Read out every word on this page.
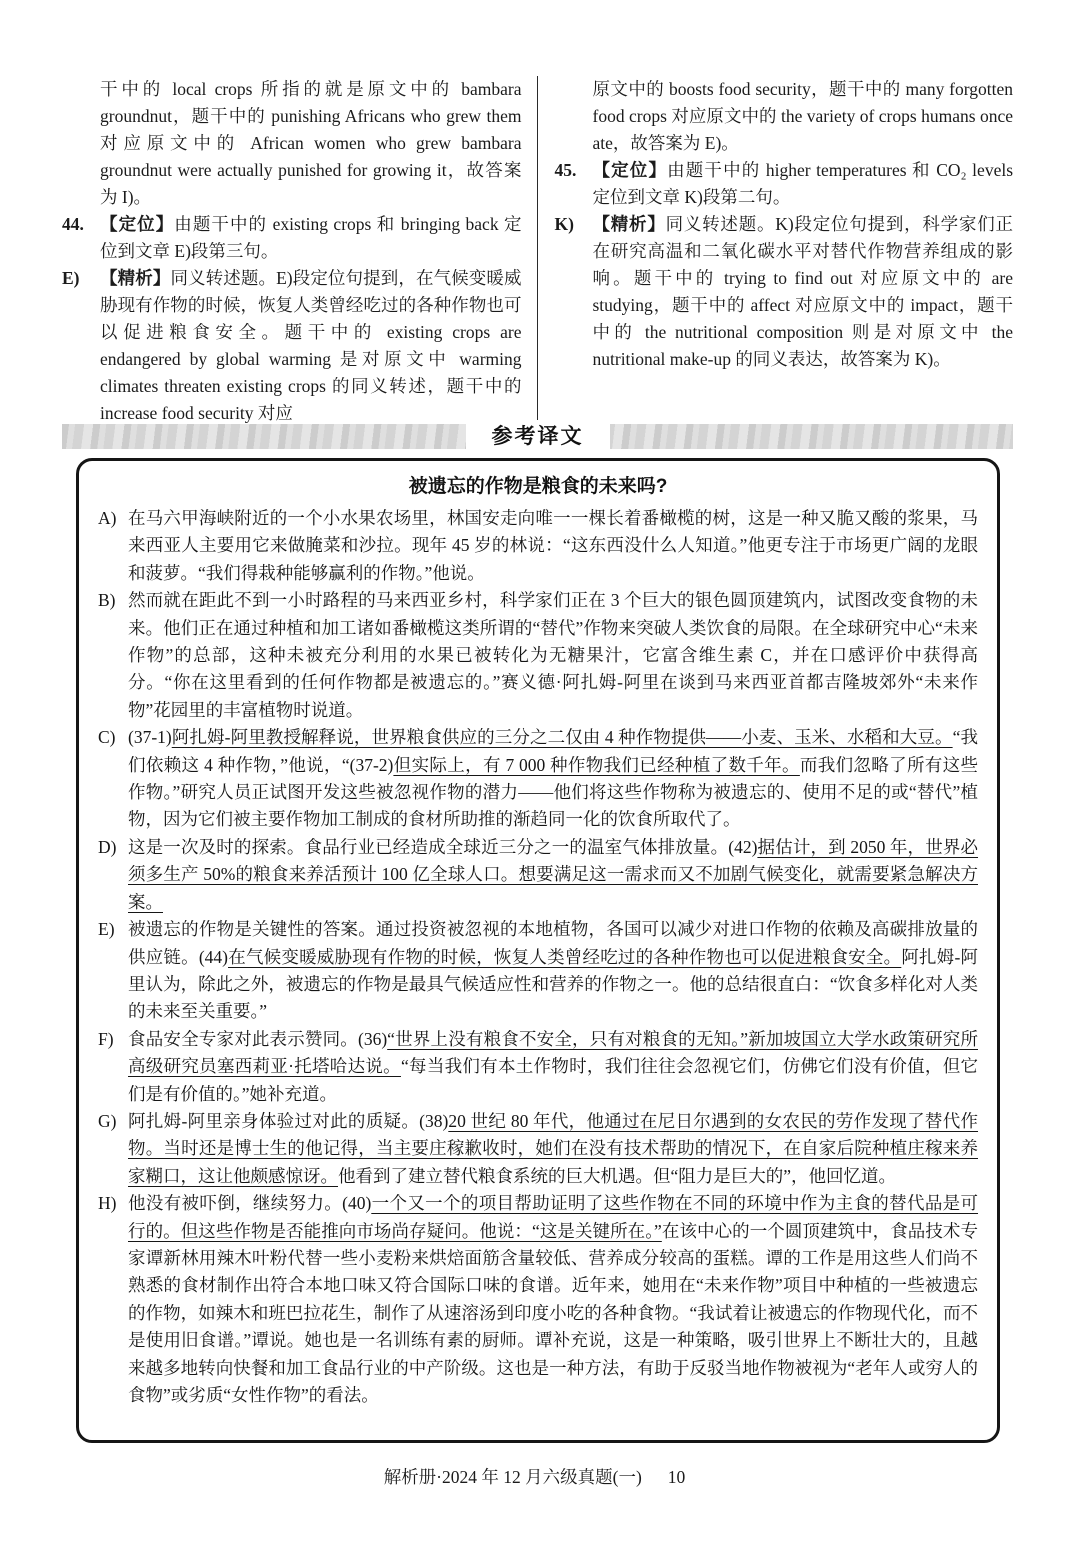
干中的 local crops 所指的就是原文中的 bambara groundnut，题干中的 punishing Africans who grew them 对应原文中的 African women who grew bambara groundnut were actually punished for growing it，故答案为 I)。
44. 【定位】由题干中的 existing crops 和 bringing back 定位到文章 E)段第三句。
E) 【精析】同义转述题。E)段定位句提到，在气候变暖威胁现有作物的时候，恢复人类曾经吃过的各种作物也可以促进粮食安全。题干中的 existing crops are endangered by global warming 是对原文中 warming climates threaten existing crops 的同义转述，题干中的 increase food security 对应
原文中的 boosts food security，题干中的 many forgotten food crops 对应原文中的 the variety of crops humans once ate，故答案为 E)。
45. 【定位】由题干中的 higher temperatures 和 CO₂ levels 定位到文章 K)段第二句。
K) 【精析】同义转述题。K)段定位句提到，科学家们正在研究高温和二氧化碳水平对替代作物营养组成的影响。题干中的 trying to find out 对应原文中的 are studying，题干中的 affect 对应原文中的 impact，题干中的 the nutritional composition 则是对原文中 the nutritional make-up 的同义表达，故答案为 K)。
参考译文
被遗忘的作物是粮食的未来吗?
A) 在马六甲海峡附近的一个小水果农场里，林国安走向唯一一棵长着番橄榄的树，这是一种又脆又酸的浆果，马来西亚人主要用它来做腌菜和沙拉。现年 45 岁的林说：“这东西没什么人知道。”他更专注于市场更广阔的龙眼和菠萝。“我们得栽种能够赢利的作物。”他说。
B) 然而就在距此不到一小时路程的马来西亚乡村，科学家们正在 3 个巨大的银色圆顶建筑内，试图改变食物的未来。他们正在通过种植和加工诸如番橄榄这类所谓的“替代”作物来突破人类饮食的局限。在全球研究中心“未来作物”的总部，这种未被充分利用的水果已被转化为无糖果汁，它富含维生素 C，并在口感评价中获得高分。“你在这里看到的任何作物都是被遗忘的。”赛义德·阿扎姆-阿里在谈到马来西亚首都吉隆坡郊外“未来作物”花园里的丰富植物时说道。
C) (37-1)阿扎姆-阿里教授解释说，世界粮食供应的三分之二仅由 4 种作物提供——小麦、玉米、水稻和大豆。“我们依赖这 4 种作物，”他说，“(37-2)但实际上，有 7 000 种作物我们已经种植了数千年。而我们忽略了所有这些作物。”研究人员正试图开发这些被忽视作物的潜力——他们将这些作物称为被遗忘的、使用不足的或“替代”植物，因为它们被主要作物加工制成的食材所助推的渐趋同一化的饮食所取代了。
D) 这是一次及时的探索。食品行业已经造成全球近三分之一的温室气体排放量。(42)据估计，到 2050 年，世界必须多生产 50%的粮食来养活预计 100 亿全球人口。想要满足这一需求而又不加剧气候变化，就需要紧急解决方案。
E) 被遗忘的作物是关键性的答案。通过投资被忽视的本地植物，各国可以减少对进口作物的依赖及高碳排放量的供应链。(44)在气候变暖威胁现有作物的时候，恢复人类曾经吃过的各种作物也可以促进粮食安全。阿扎姆-阿里认为，除此之外，被遗忘的作物是最具气候适应性和营养的作物之一。他的总结很直白：“饮食多样化对人类的未来至关重要。”
F) 食品安全专家对此表示赞同。(36)“世界上没有粮食不安全，只有对粮食的无知。”新加坡国立大学水政策研究所高级研究员塞西莉亚·托塔哈达说。“每当我们有本土作物时，我们往往会忽视它们，仿佛它们没有价值，但它们是有价值的。”她补充道。
G) 阿扎姆-阿里亲身体验过对此的质疑。(38)20 世纪 80 年代，他通过在尼日尔遇到的女农民的劳作发现了替代作物。当时还是博士生的他记得，当主要庄稼歉收时，她们在没有技术帮助的情况下，在自家后院种植庄稼来养家糊口，这让他颇感惊讶。他看到了建立替代粮食系统的巨大机遇。但“阻力是巨大的”，他回忆道。
H) 他没有被吓倒，继续努力。(40)一个又一个的项目帮助证明了这些作物在不同的环境中作为主食的替代品是可行的。但这些作物是否能推向市场尚存疑问。他说：“这是关键所在。”在该中心的一个圆顶建筑中，食品技术专家谭新林用辣木叶粉代替一些小麦粉来烘焙面筋含量较低、营养成分较高的蛋糕。谭的工作是用这些人们尚不熟悉的食材制作出符合本地口味又符合国际口味的食谱。近年来，她用在“未来作物”项目中种植的一些被遗忘的作物，如辣木和班巴拉花生，制作了从速溶汤到印度小吃的各种食物。“我试着让被遗忘的作物现代化，而不是使用旧食谱。”谭说。她也是一名训练有素的厨师。谭补充说，这是一种策略，吸引世界上不断壮大的，且越来越多地转向快餐和加工食品行业的中产阶级。这也是一种方法，有助于反驳当地作物被视为“老年人或穷人的食物”或劣质“女性作物”的看法。
解析册·2024 年 12 月六级真题(一) 10
